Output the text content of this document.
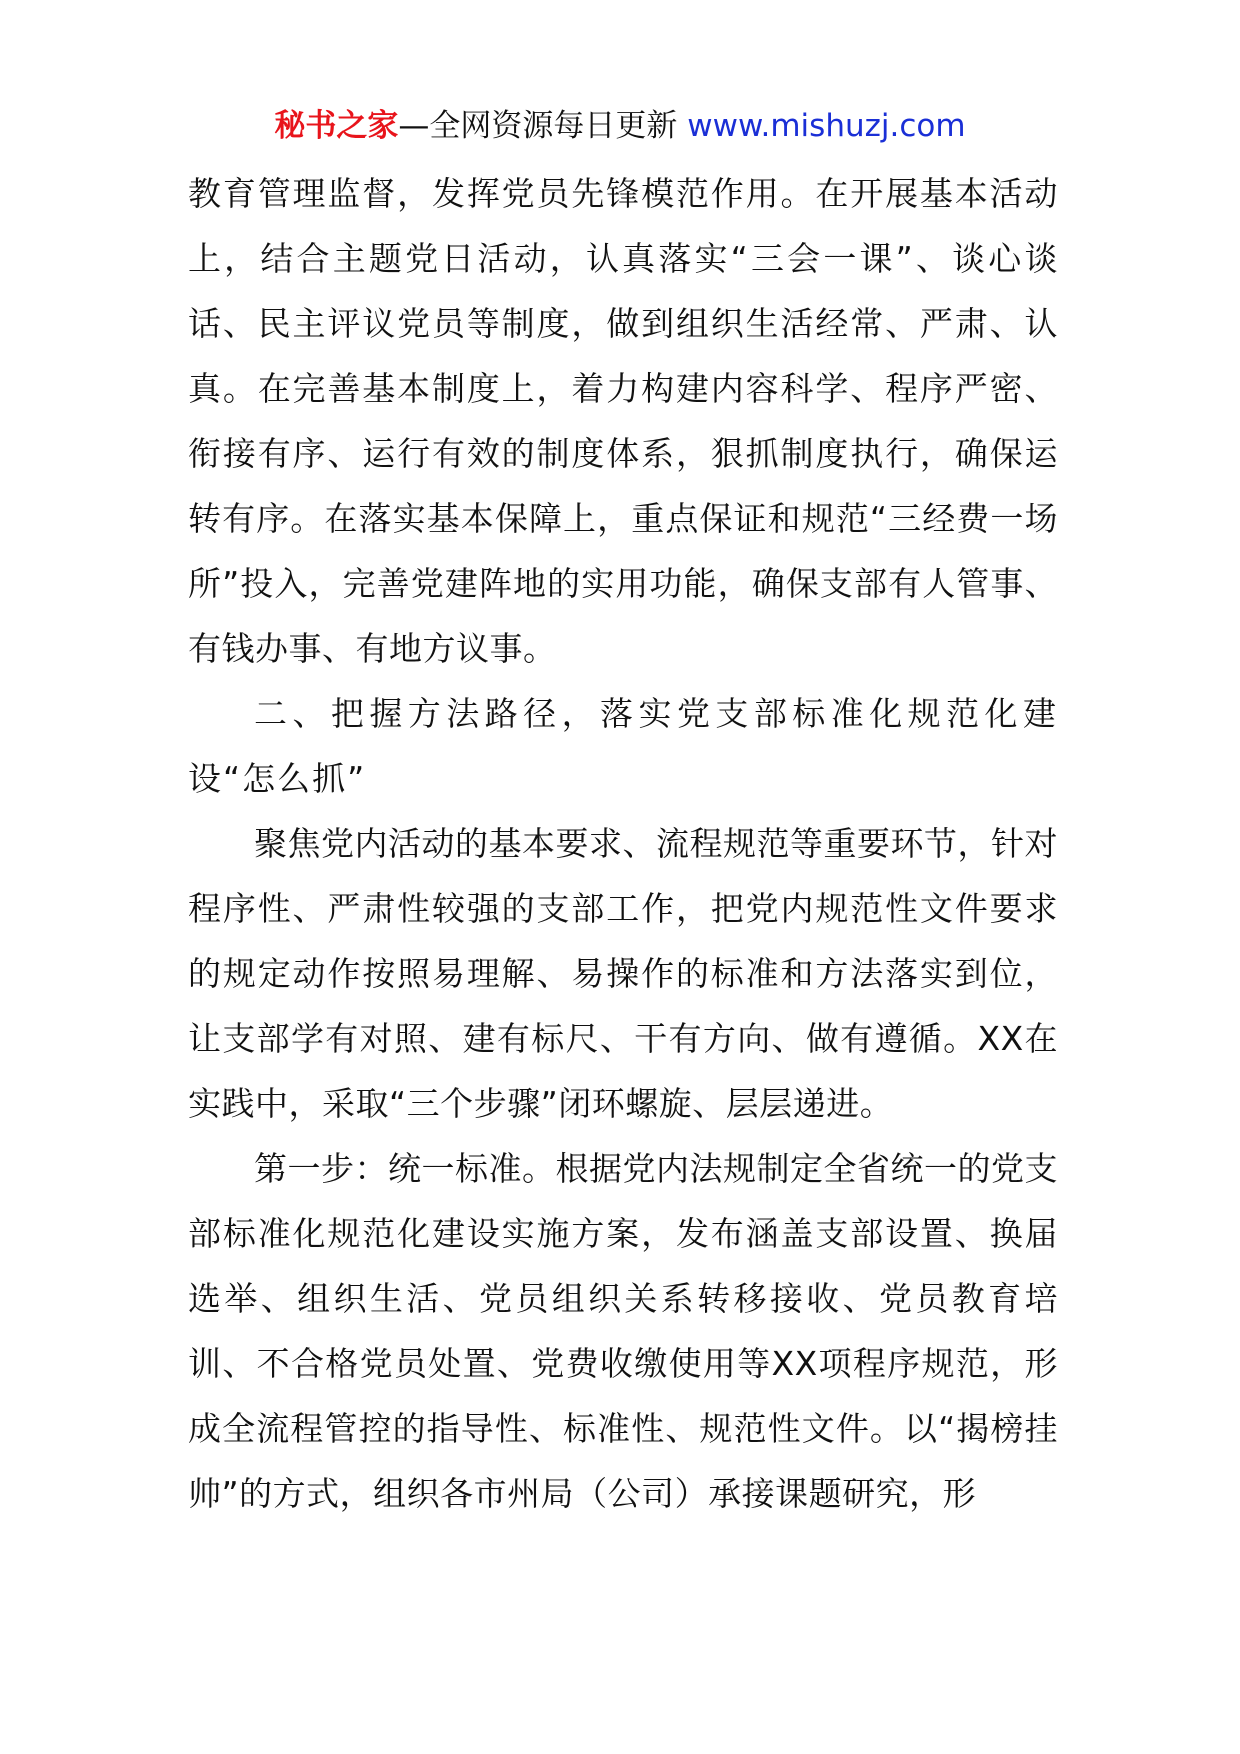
秘书之家—全网资源每日更新 www.mishuzj.com

教育管理监督，发挥党员先锋模范作用。在开展基本活动上，结合主题党日活动，认真落实“三会一课”、谈心谈话、民主评议党员等制度，做到组织生活经常、严肃、认真。在完善基本制度上，着力构建内容科学、程序严密、衔接有序、运行有效的制度体系，狠抓制度执行，确保运转有序。在落实基本保障上，重点保证和规范“三经费一场所”投入，完善党建阵地的实用功能，确保支部有人管事、有钱办事、有地方议事。

二、把握方法路径，落实党支部标准化规范化建设“怎么抓”

聚焦党内活动的基本要求、流程规范等重要环节，针对程序性、严肃性较强的支部工作，把党内规范性文件要求的规定动作按照易理解、易操作的标准和方法落实到位，让支部学有对照、建有标尺、干有方向、做有遵循。XX在实践中，采取“三个步骤”闭环螺旋、层层递进。

第一步：统一标准。根据党内法规制定全省统一的党支部标准化规范化建设实施方案，发布涵盖支部设置、换届选举、组织生活、党员组织关系转移接收、党员教育培训、不合格党员处置、党费收缴使用等XX项程序规范，形成全流程管控的指导性、标准性、规范性文件。以“揭榜挂帅”的方式，组织各市州局（公司）承接课题研究，形
